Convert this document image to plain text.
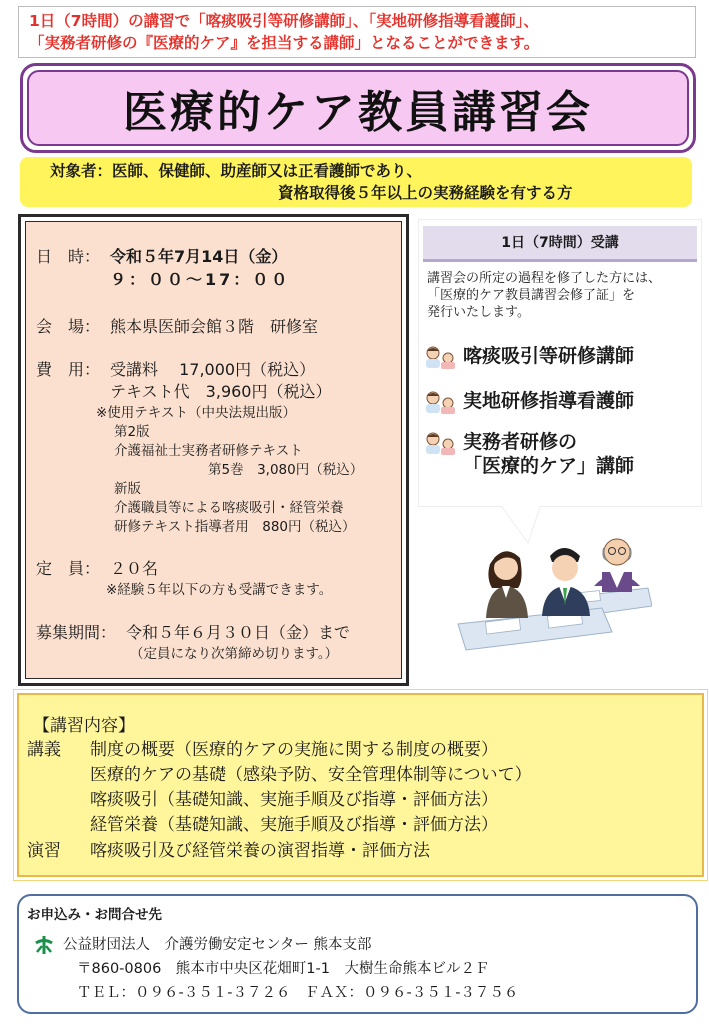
1日（7時間）の講習で「喀痰吸引等研修講師」、「実地研修指導看護師」、
「実務者研修の『医療的ケア』を担当する講師」となることができます。
医療的ケア教員講習会
対象者：医師、保健師、助産師又は正看護師であり、
資格取得後５年以上の実務経験を有する方
日　時： 令和５年7月14日（金）
９：００～17：００
会　場： 熊本県医師会館３階　研修室
費　用： 受講料　 17,000円（税込）
テキスト代　3,960円（税込）
※使用テキスト（中央法規出版）
第2版
介護福祉士実務者研修テキスト
第5巻　3,080円（税込）
新版
介護職員等による喀痰吸引・経管栄養
研修テキスト指導者用　880円（税込）
定　員： ２０名
※経験５年以下の方も受講できます。
募集期間： 令和５年６月３０日（金）まで
（定員になり次第締め切ります。）
1日（7時間）受講
講習会の所定の過程を修了した方には、
「医療的ケア教員講習会修了証」を
発行いたします。
喀痰吸引等研修講師
実地研修指導看護師
実務者研修の
「医療的ケア」講師
【講習内容】
講義 制度の概要（医療的ケアの実施に関する制度の概要）
医療的ケアの基礎（感染予防、安全管理体制等について）
喀痰吸引（基礎知識、実施手順及び指導・評価方法）
経管栄養（基礎知識、実施手順及び指導・評価方法）
演習 喀痰吸引及び経管栄養の演習指導・評価方法
お申込み・お問合せ先
公益財団法人　介護労働安定センター 熊本支部
〒860-0806　熊本市中央区花畑町1-1　大樹生命熊本ビル２Ｆ
ＴＥＬ：０９６-３５１-３７２６　ＦＡＸ：０９６-３５１-３７５６
